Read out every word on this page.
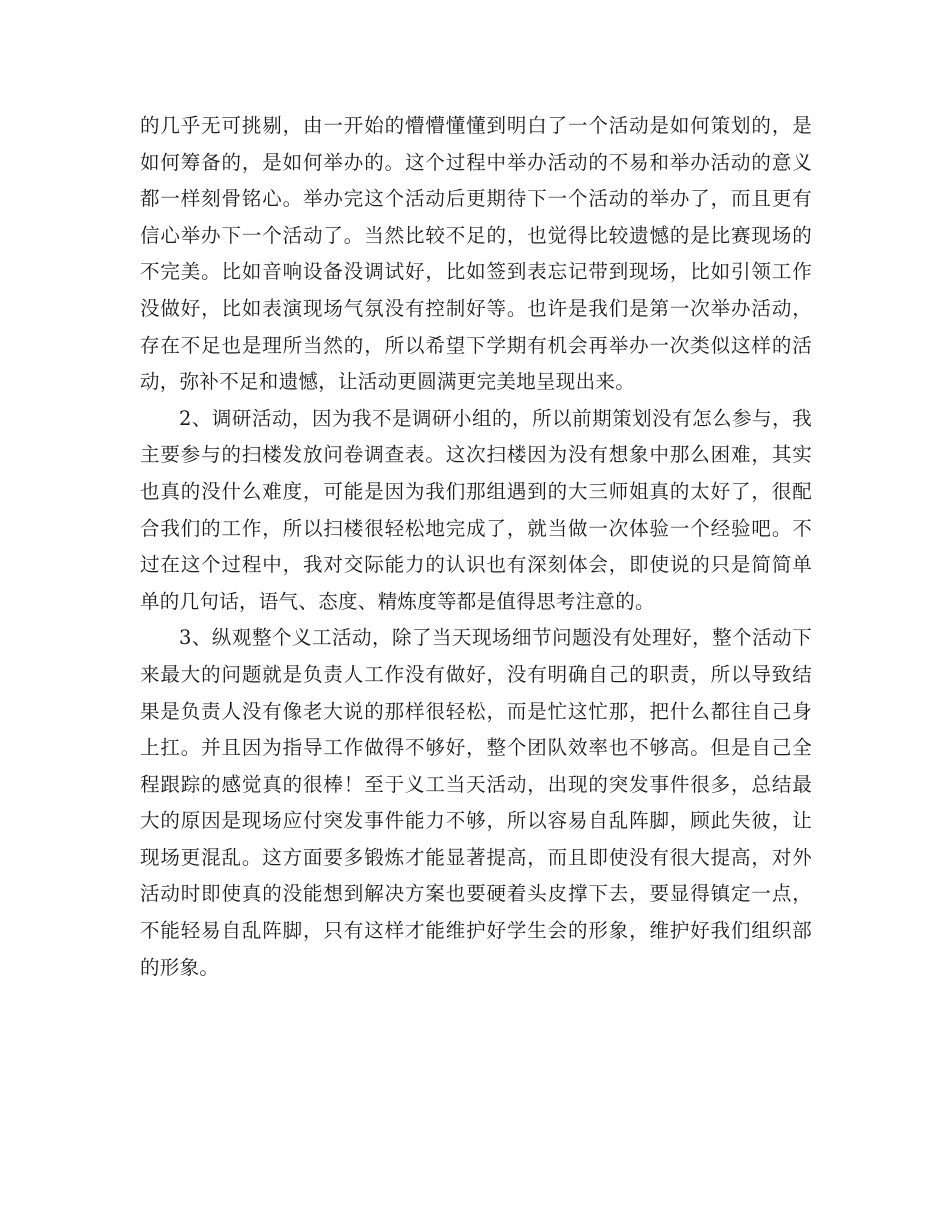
的几乎无可挑剔，由一开始的懵懵懂懂到明白了一个活动是如何策划的，是如何筹备的，是如何举办的。这个过程中举办活动的不易和举办活动的意义都一样刻骨铭心。举办完这个活动后更期待下一个活动的举办了，而且更有信心举办下一个活动了。当然比较不足的，也觉得比较遗憾的是比赛现场的不完美。比如音响设备没调试好，比如签到表忘记带到现场，比如引领工作没做好，比如表演现场气氛没有控制好等。也许是我们是第一次举办活动，存在不足也是理所当然的，所以希望下学期有机会再举办一次类似这样的活动，弥补不足和遗憾，让活动更圆满更完美地呈现出来。

2、调研活动，因为我不是调研小组的，所以前期策划没有怎么参与，我主要参与的扫楼发放问卷调查表。这次扫楼因为没有想象中那么困难，其实也真的没什么难度，可能是因为我们那组遇到的大三师姐真的太好了，很配合我们的工作，所以扫楼很轻松地完成了，就当做一次体验一个经验吧。不过在这个过程中，我对交际能力的认识也有深刻体会，即使说的只是简简单单的几句话，语气、态度、精炼度等都是值得思考注意的。

3、纵观整个义工活动，除了当天现场细节问题没有处理好，整个活动下来最大的问题就是负责人工作没有做好，没有明确自己的职责，所以导致结果是负责人没有像老大说的那样很轻松，而是忙这忙那，把什么都往自己身上扛。并且因为指导工作做得不够好，整个团队效率也不够高。但是自己全程跟踪的感觉真的很棒！至于义工当天活动，出现的突发事件很多，总结最大的原因是现场应付突发事件能力不够，所以容易自乱阵脚，顾此失彼，让现场更混乱。这方面要多锻炼才能显著提高，而且即使没有很大提高，对外活动时即使真的没能想到解决方案也要硬着头皮撑下去，要显得镇定一点，不能轻易自乱阵脚，只有这样才能维护好学生会的形象，维护好我们组织部的形象。
